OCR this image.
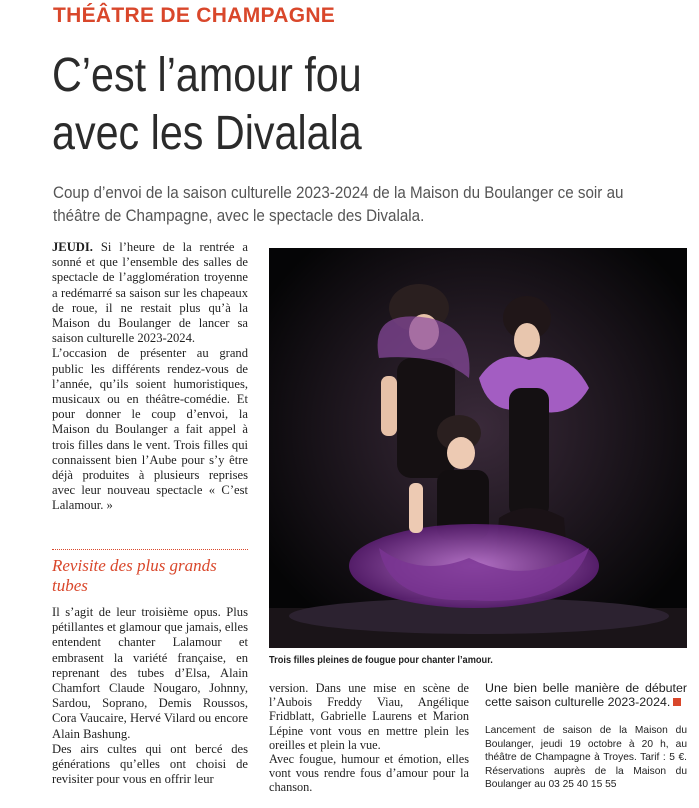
THÉÂTRE DE CHAMPAGNE
C’est l’amour fou
avec les Divalala
Coup d’envoi de la saison culturelle 2023-2024 de la Maison du Boulanger ce soir au théâtre de Champagne, avec le spectacle des Divalala.

JEUDI. Si l’heure de la rentrée a sonné et que l’ensemble des salles de spectacle de l’agglomération troyenne a redémarré sa saison sur les chapeaux de roue, il ne restait plus qu’à la Maison du Boulanger de lancer sa saison culturelle 2023-2024.

L’occasion de présenter au grand public les différents rendez-vous de l’année, qu’ils soient humoristiques, musicaux ou en théâtre-comédie. Et pour donner le coup d’envoi, la Maison du Boulanger a fait appel à trois filles dans le vent. Trois filles qui connaissent bien l’Aube pour s’y être déjà produites à plusieurs reprises avec leur nouveau spectacle « C’est Lalamour. »

Revisite des plus grands tubes

Il s’agit de leur troisième opus. Plus pétillantes et glamour que jamais, elles entendent chanter Lalamour et embrasent la variété française, en reprenant des tubes d’Elsa, Alain Chamfort Claude Nougaro, Johnny, Sardou, Soprano, Demis Roussos, Cora Vaucaire, Hervé Vilard ou encore Alain Bashung.

Des airs cultes qui ont bercé des générations qu’elles ont choisi de revisiter pour vous en offrir leur

Trois filles pleines de fougue pour chanter l’amour.

version. Dans une mise en scène de l’Aubois Freddy Viau, Angélique Fridblatt, Gabrielle Laurens et Marion Lépine vont vous en mettre plein les oreilles et plein la vue.

Avec fougue, humour et émotion, elles vont vous rendre fous d’amour pour la chanson.

Une bien belle manière de débuter cette saison culturelle 2023-2024.

Lancement de saison de la Maison du Boulanger, jeudi 19 octobre à 20 h, au théâtre de Champagne à Troyes. Tarif : 5 €. Réservations auprès de la Maison du Boulanger au 03 25 40 15 55
